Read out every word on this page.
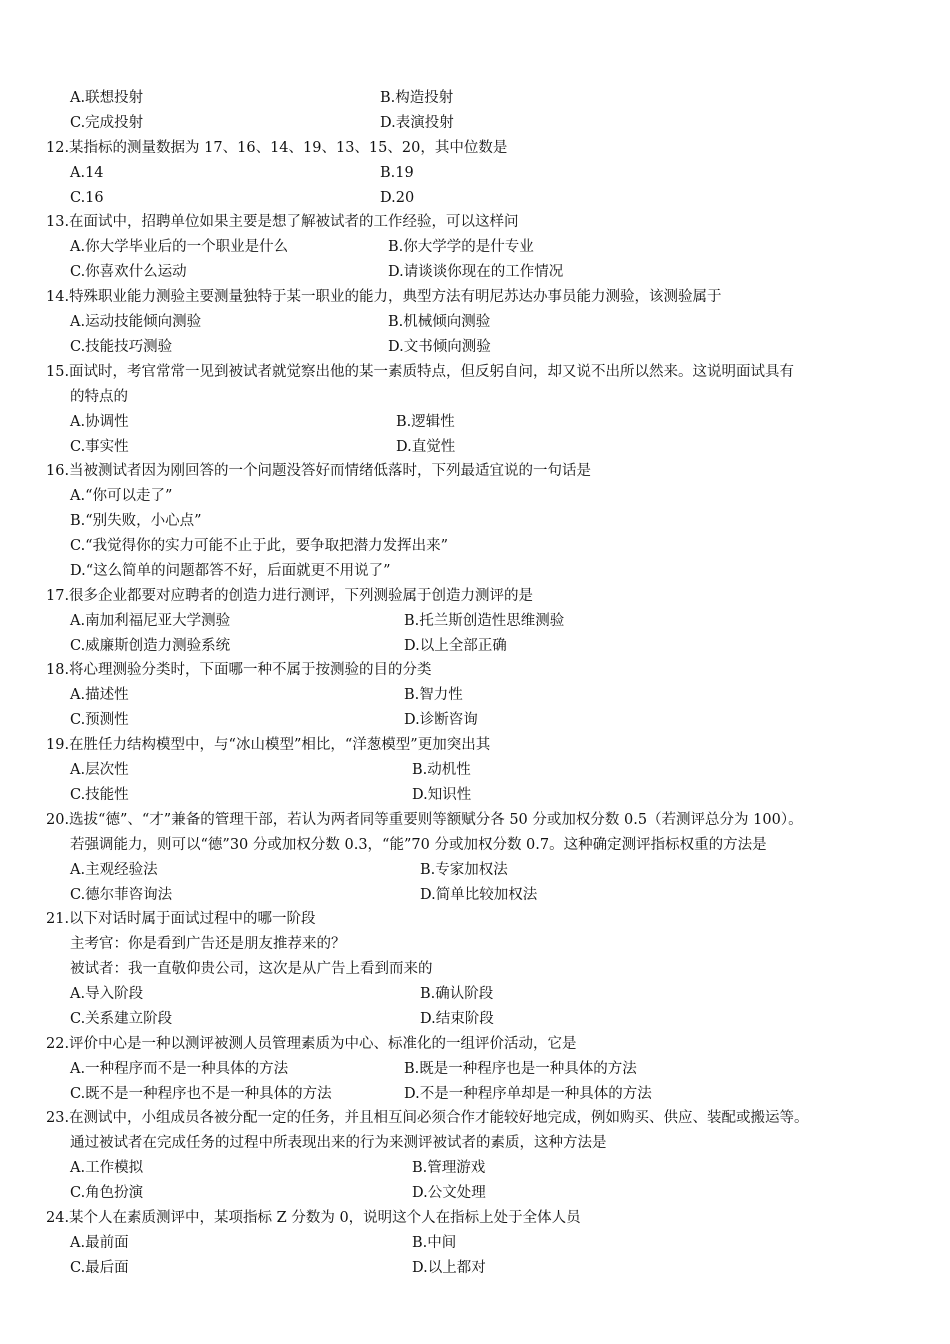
A.联想投射	B.构造投射
C.完成投射	D.表演投射
12.某指标的测量数据为 17、16、14、19、13、15、20，其中位数是
A.14	B.19
C.16	D.20
13.在面试中，招聘单位如果主要是想了解被试者的工作经验，可以这样问
A.你大学毕业后的一个职业是什么	B.你大学学的是什专业
C.你喜欢什么运动	D.请谈谈你现在的工作情况
14.特殊职业能力测验主要测量独特于某一职业的能力，典型方法有明尼苏达办事员能力测验，该测验属于
A.运动技能倾向测验	B.机械倾向测验
C.技能技巧测验	D.文书倾向测验
15.面试时，考官常常一见到被试者就觉察出他的某一素质特点，但反躬自问，却又说不出所以然来。这说明面试具有
的特点的
A.协调性	B.逻辑性
C.事实性	D.直觉性
16.当被测试者因为刚回答的一个问题没答好而情绪低落时，下列最适宜说的一句话是
A.“你可以走了”
B.“别失败，小心点”
C.“我觉得你的实力可能不止于此，要争取把潜力发挥出来”
D.“这么简单的问题都答不好，后面就更不用说了”
17.很多企业都要对应聘者的创造力进行测评，下列测验属于创造力测评的是
A.南加利福尼亚大学测验	B.托兰斯创造性思维测验
C.威廉斯创造力测验系统	D.以上全部正确
18.将心理测验分类时，下面哪一种不属于按测验的目的分类
A.描述性	B.智力性
C.预测性	D.诊断咨询
19.在胜任力结构模型中，与“冰山模型”相比，“洋葱模型”更加突出其
A.层次性	B.动机性
C.技能性	D.知识性
20.选拔“德”、“才”兼备的管理干部，若认为两者同等重要则等额赋分各 50 分或加权分数 0.5（若测评总分为 100）。
若强调能力，则可以“德”30 分或加权分数 0.3，“能”70 分或加权分数 0.7。这种确定测评指标权重的方法是
A.主观经验法	B.专家加权法
C.德尔菲咨询法	D.简单比较加权法
21.以下对话时属于面试过程中的哪一阶段
主考官：你是看到广告还是朋友推荐来的？
被试者：我一直敬仰贵公司，这次是从广告上看到而来的
A.导入阶段	B.确认阶段
C.关系建立阶段	D.结束阶段
22.评价中心是一种以测评被测人员管理素质为中心、标准化的一组评价活动，它是
A.一种程序而不是一种具体的方法	B.既是一种程序也是一种具体的方法
C.既不是一种程序也不是一种具体的方法	D.不是一种程序单却是一种具体的方法
23.在测试中，小组成员各被分配一定的任务，并且相互间必须合作才能较好地完成，例如购买、供应、装配或搬运等。
通过被试者在完成任务的过程中所表现出来的行为来测评被试者的素质，这种方法是
A.工作模拟	B.管理游戏
C.角色扮演	D.公文处理
24.某个人在素质测评中，某项指标 Z 分数为 0，说明这个人在指标上处于全体人员
A.最前面	B.中间
C.最后面	D.以上都对
